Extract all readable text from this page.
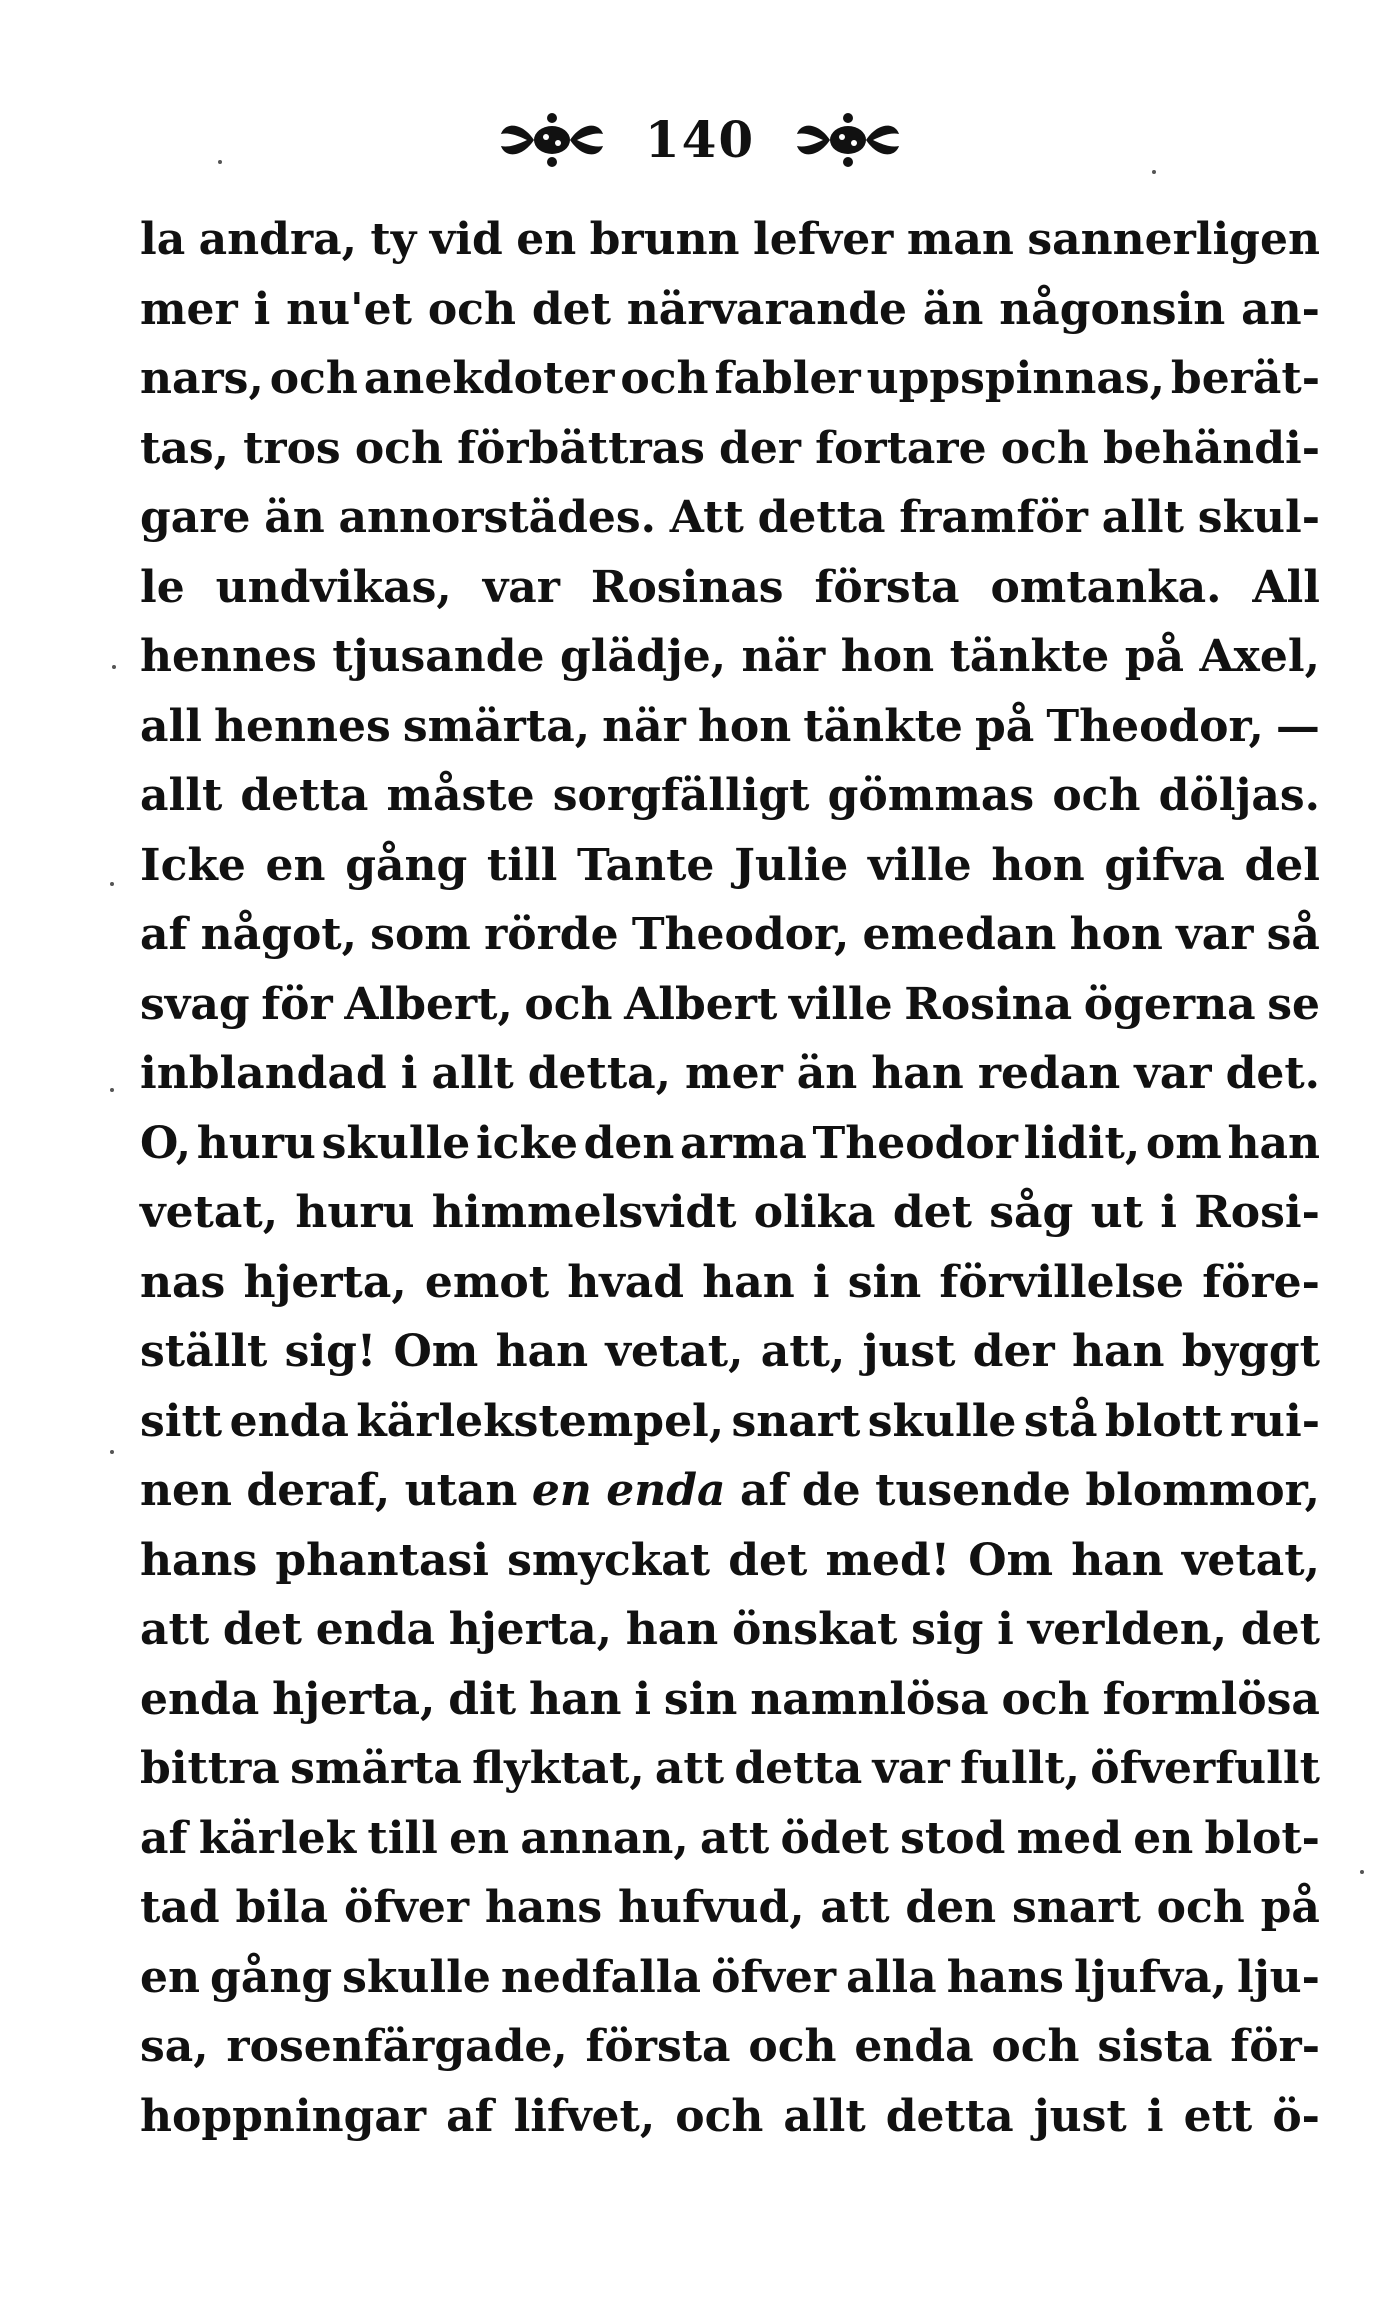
140
la andra, ty vid en brunn lefver man sannerligen
mer i nu'et och det närvarande än någonsin an-
nars, och anekdoter och fabler uppspinnas, berät-
tas, tros och förbättras der fortare och behändi-
gare än annorstädes. Att detta framför allt skul-
le undvikas, var Rosinas första omtanka. All
hennes tjusande glädje, när hon tänkte på Axel,
all hennes smärta, när hon tänkte på Theodor, —
allt detta måste sorgfälligt gömmas och döljas.
Icke en gång till Tante Julie ville hon gifva del
af något, som rörde Theodor, emedan hon var så
svag för Albert, och Albert ville Rosina ögerna se
inblandad i allt detta, mer än han redan var det.
O, huru skulle icke den arma Theodor lidit, om han
vetat, huru himmelsvidt olika det såg ut i Rosi-
nas hjerta, emot hvad han i sin förvillelse före-
ställt sig! Om han vetat, att, just der han byggt
sitt enda kärlekstempel, snart skulle stå blott rui-
nen deraf, utan en enda af de tusende blommor,
hans phantasi smyckat det med! Om han vetat,
att det enda hjerta, han önskat sig i verlden, det
enda hjerta, dit han i sin namnlösa och formlösa
bittra smärta flyktat, att detta var fullt, öfverfullt
af kärlek till en annan, att ödet stod med en blot-
tad bila öfver hans hufvud, att den snart och på
en gång skulle nedfalla öfver alla hans ljufva, lju-
sa, rosenfärgade, första och enda och sista för-
hoppningar af lifvet, och allt detta just i ett ö-
